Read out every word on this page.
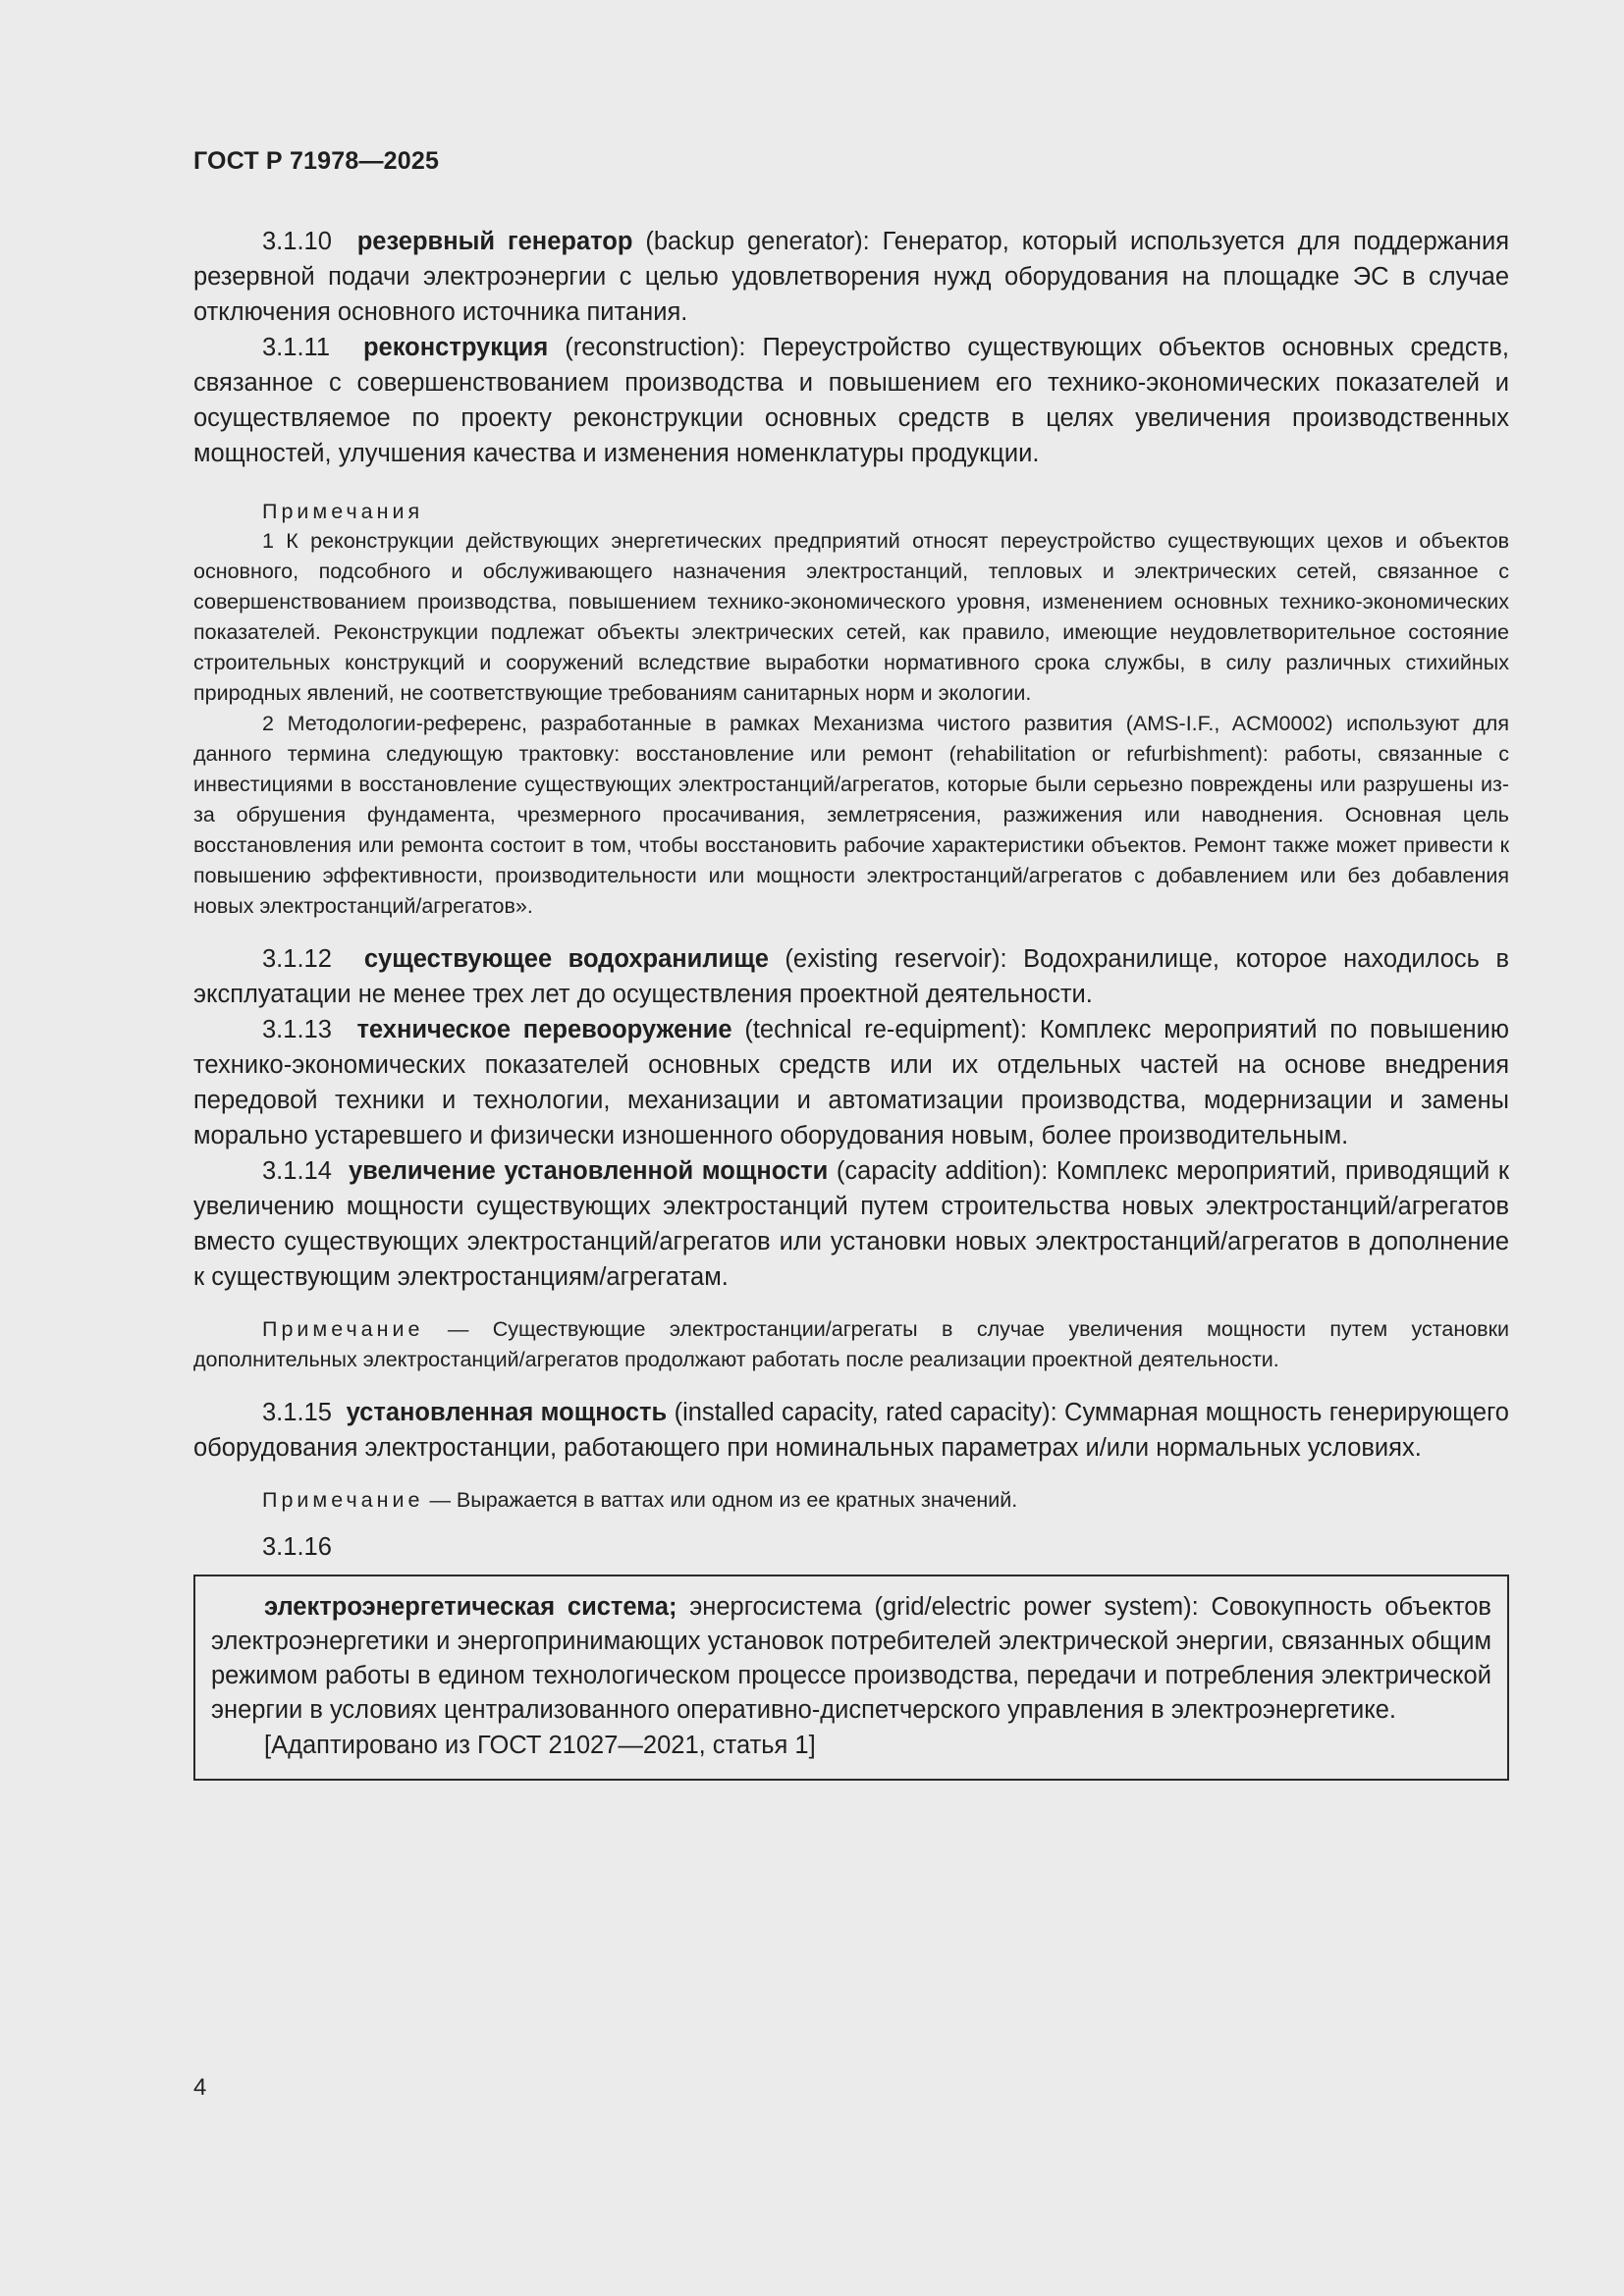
ГОСТ Р 71978—2025

3.1.10 резервный генератор (backup generator): Генератор, который используется для поддержания резервной подачи электроэнергии с целью удовлетворения нужд оборудования на площадке ЭС в случае отключения основного источника питания.

3.1.11 реконструкция (reconstruction): Переустройство существующих объектов основных средств, связанное с совершенствованием производства и повышением его технико-экономических показателей и осуществляемое по проекту реконструкции основных средств в целях увеличения производственных мощностей, улучшения качества и изменения номенклатуры продукции.

Примечания

1 К реконструкции действующих энергетических предприятий относят переустройство существующих цехов и объектов основного, подсобного и обслуживающего назначения электростанций, тепловых и электрических сетей, связанное с совершенствованием производства, повышением технико-экономического уровня, изменением основных технико-экономических показателей. Реконструкции подлежат объекты электрических сетей, как правило, имеющие неудовлетворительное состояние строительных конструкций и сооружений вследствие выработки нормативного срока службы, в силу различных стихийных природных явлений, не соответствующие требованиям санитарных норм и экологии.

2 Методологии-референс, разработанные в рамках Механизма чистого развития (AMS-I.F., ACM0002) используют для данного термина следующую трактовку: восстановление или ремонт (rehabilitation or refurbishment): работы, связанные с инвестициями в восстановление существующих электростанций/агрегатов, которые были серьезно повреждены или разрушены из-за обрушения фундамента, чрезмерного просачивания, землетрясения, разжижения или наводнения. Основная цель восстановления или ремонта состоит в том, чтобы восстановить рабочие характеристики объектов. Ремонт также может привести к повышению эффективности, производительности или мощности электростанций/агрегатов с добавлением или без добавления новых электростанций/агрегатов».

3.1.12 существующее водохранилище (existing reservoir): Водохранилище, которое находилось в эксплуатации не менее трех лет до осуществления проектной деятельности.

3.1.13 техническое перевооружение (technical re-equipment): Комплекс мероприятий по повышению технико-экономических показателей основных средств или их отдельных частей на основе внедрения передовой техники и технологии, механизации и автоматизации производства, модернизации и замены морально устаревшего и физически изношенного оборудования новым, более производительным.

3.1.14 увеличение установленной мощности (capacity addition): Комплекс мероприятий, приводящий к увеличению мощности существующих электростанций путем строительства новых электростанций/агрегатов вместо существующих электростанций/агрегатов или установки новых электростанций/агрегатов в дополнение к существующим электростанциям/агрегатам.

Примечание — Существующие электростанции/агрегаты в случае увеличения мощности путем установки дополнительных электростанций/агрегатов продолжают работать после реализации проектной деятельности.

3.1.15 установленная мощность (installed capacity, rated capacity): Суммарная мощность генерирующего оборудования электростанции, работающего при номинальных параметрах и/или нормальных условиях.

Примечание — Выражается в ваттах или одном из ее кратных значений.

3.1.16

электроэнергетическая система; энергосистема (grid/electric power system): Совокупность объектов электроэнергетики и энергопринимающих установок потребителей электрической энергии, связанных общим режимом работы в едином технологическом процессе производства, передачи и потребления электрической энергии в условиях централизованного оперативно-диспетчерского управления в электроэнергетике.

[Адаптировано из ГОСТ 21027—2021, статья 1]
4
